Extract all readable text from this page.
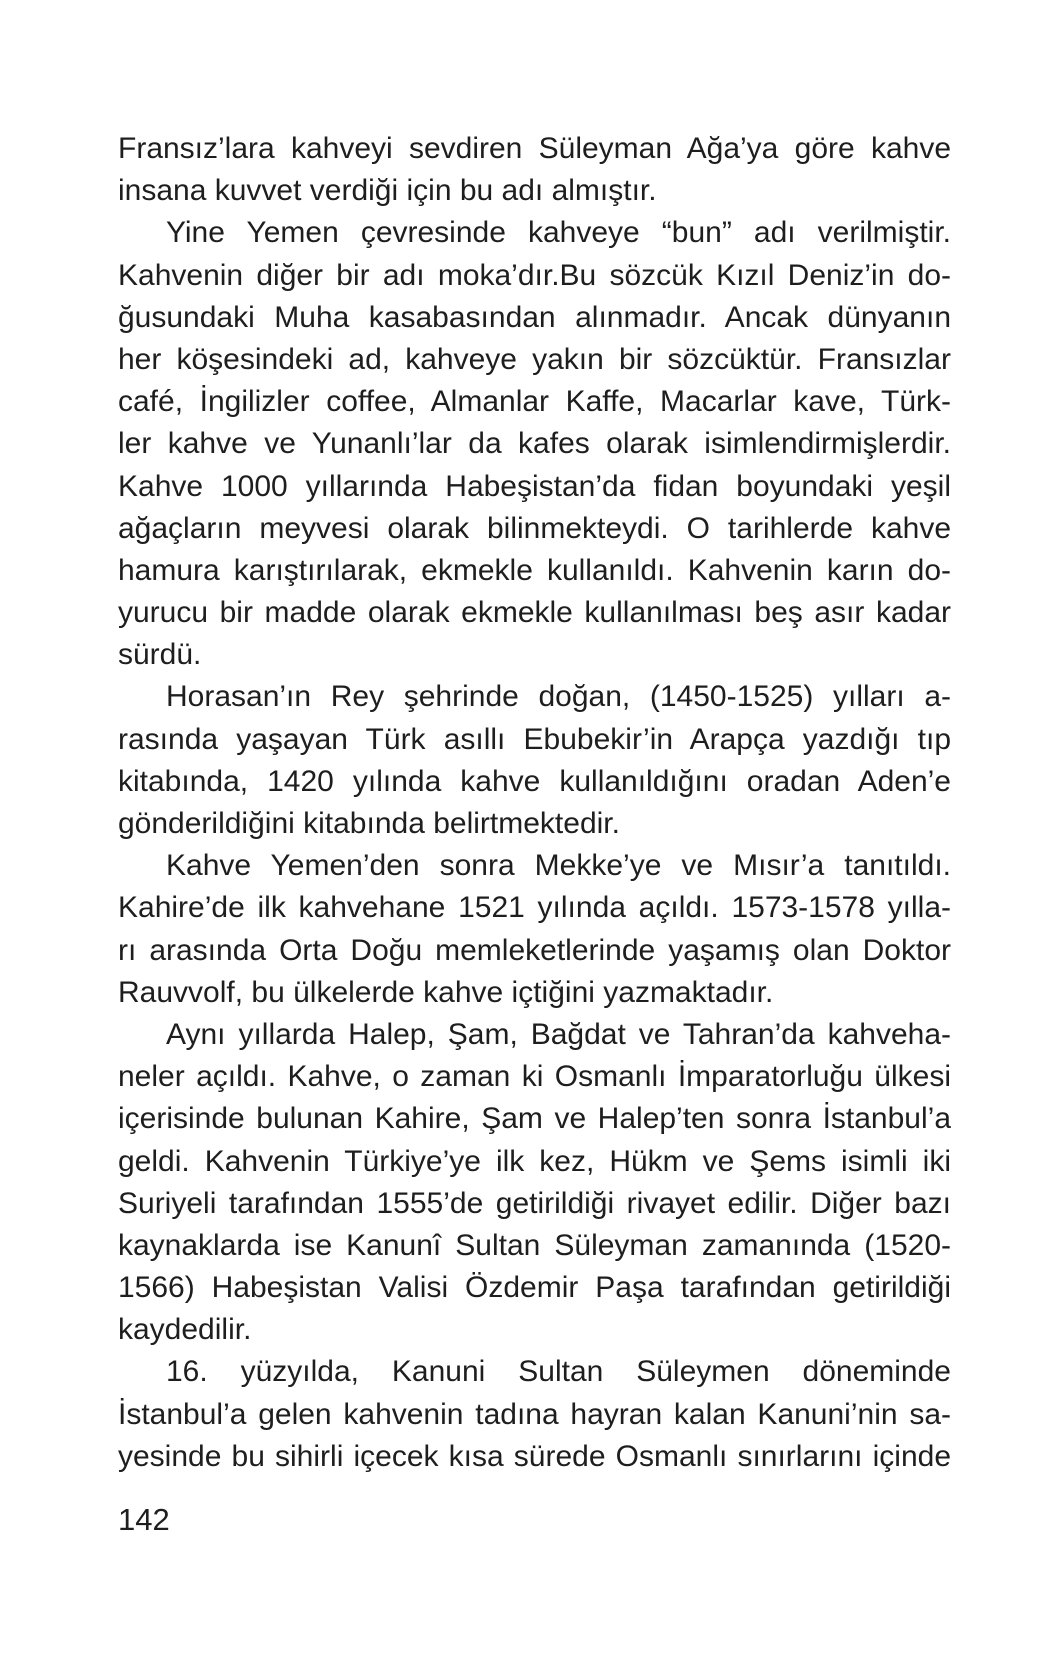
Fransız’lara kahveyi sevdiren Süleyman Ağa’ya göre kahve
insana kuvvet verdiği için bu adı almıştır.
Yine Yemen çevresinde kahveye “bun” adı verilmiştir.
Kahvenin diğer bir adı moka’dır.Bu sözcük Kızıl Deniz’in do-
ğusundaki Muha kasabasından alınmadır. Ancak dünyanın
her köşesindeki ad, kahveye yakın bir sözcüktür. Fransızlar
café, İngilizler coffee, Almanlar Kaffe, Macarlar kave, Türk-
ler kahve ve Yunanlı’lar da kafes olarak isimlendirmişlerdir.
Kahve 1000 yıllarında Habeşistan’da fidan boyundaki yeşil
ağaçların meyvesi olarak bilinmekteydi. O tarihlerde kahve
hamura karıştırılarak, ekmekle kullanıldı. Kahvenin karın do-
yurucu bir madde olarak ekmekle kullanılması beş asır kadar
sürdü.
Horasan’ın Rey şehrinde doğan, (1450-1525) yılları a-
rasında yaşayan Türk asıllı Ebubekir’in Arapça yazdığı tıp
kitabında, 1420 yılında kahve kullanıldığını oradan Aden’e
gönderildiğini kitabında belirtmektedir.
Kahve Yemen’den sonra Mekke’ye ve Mısır’a tanıtıldı.
Kahire’de ilk kahvehane 1521 yılında açıldı. 1573-1578 yılla-
rı arasında Orta Doğu memleketlerinde yaşamış olan Doktor
Rauvvolf, bu ülkelerde kahve içtiğini yazmaktadır.
Aynı yıllarda Halep, Şam, Bağdat ve Tahran’da kahveha-
neler açıldı. Kahve, o zaman ki Osmanlı İmparatorluğu ülkesi
içerisinde bulunan Kahire, Şam ve Halep’ten sonra İstanbul’a
geldi. Kahvenin Türkiye’ye ilk kez, Hükm ve Şems isimli iki
Suriyeli tarafından 1555’de getirildiği rivayet edilir. Diğer bazı
kaynaklarda ise Kanunî Sultan Süleyman zamanında (1520-
1566) Habeşistan Valisi Özdemir Paşa tarafından getirildiği
kaydedilir.
16. yüzyılda, Kanuni Sultan Süleymen döneminde
İstanbul’a gelen kahvenin tadına hayran kalan Kanuni’nin sa-
yesinde bu sihirli içecek kısa sürede Osmanlı sınırlarını içinde
142
